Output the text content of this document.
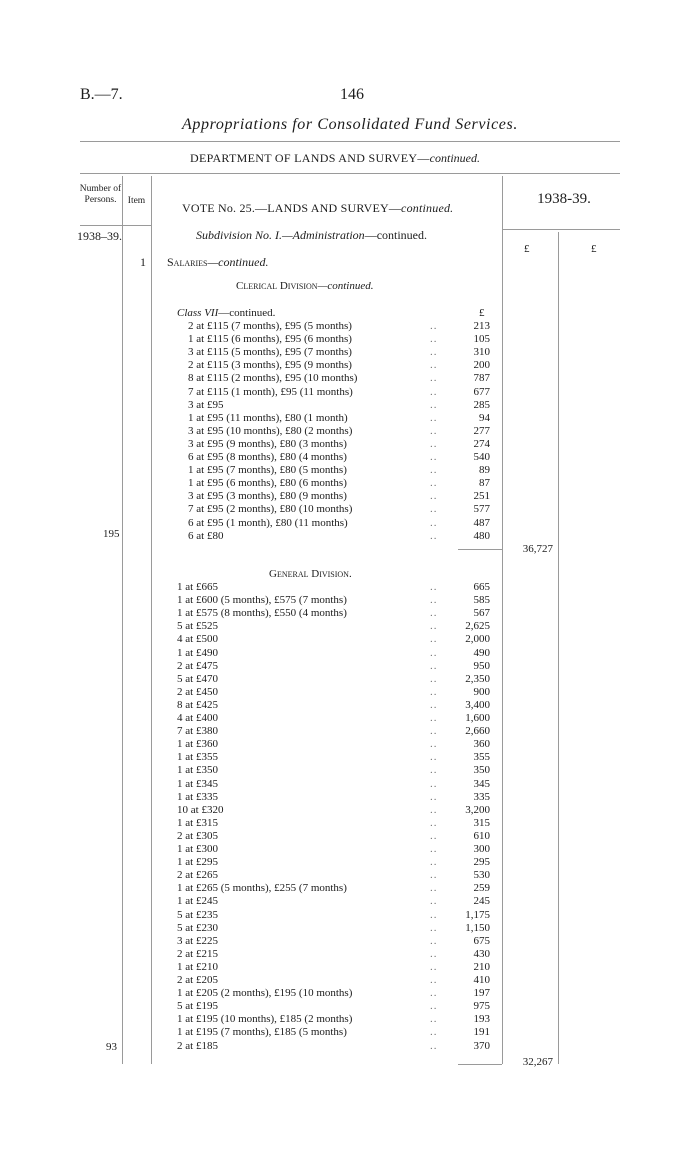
B.—7.	146
Appropriations for Consolidated Fund Services.
DEPARTMENT OF LANDS AND SURVEY—continued.
Number of Persons.	Item	VOTE No. 25.—LANDS AND SURVEY—continued.
1938-39.
1938–39.	Subdivision No. I.—Administration—continued.
£	£
1 Salaries—continued.
Clerical Division—continued.
Class VII—continued.	£
2 at £115 (7 months), £95 (5 months)	..	213
1 at £115 (6 months), £95 (6 months)	..	105
3 at £115 (5 months), £95 (7 months)	..	310
2 at £115 (3 months), £95 (9 months)	..	200
8 at £115 (2 months), £95 (10 months)	..	787
7 at £115 (1 month), £95 (11 months)	..	677
3 at £95	..	285
1 at £95 (11 months), £80 (1 month)	..	94
3 at £95 (10 months), £80 (2 months)	..	277
3 at £95 (9 months), £80 (3 months)	..	274
6 at £95 (8 months), £80 (4 months)	..	540
1 at £95 (7 months), £80 (5 months)	..	89
1 at £95 (6 months), £80 (6 months)	..	87
3 at £95 (3 months), £80 (9 months)	..	251
7 at £95 (2 months), £80 (10 months)	..	577
6 at £95 (1 month), £80 (11 months)	..	487
6 at £80	..	480
195
36,727
General Division.
1 at £665	..	665
1 at £600 (5 months), £575 (7 months)	..	585
1 at £575 (8 months), £550 (4 months)	..	567
5 at £525	..	2,625
4 at £500	..	2,000
1 at £490	..	490
2 at £475	..	950
5 at £470	..	2,350
2 at £450	..	900
8 at £425	..	3,400
4 at £400	..	1,600
7 at £380	..	2,660
1 at £360	..	360
1 at £355	..	355
1 at £350	..	350
1 at £345	..	345
1 at £335	..	335
10 at £320	..	3,200
1 at £315	..	315
2 at £305	..	610
1 at £300	..	300
1 at £295	..	295
2 at £265	..	530
1 at £265 (5 months), £255 (7 months)	..	259
1 at £245	..	245
5 at £235	..	1,175
5 at £230	..	1,150
3 at £225	..	675
2 at £215	..	430
1 at £210	..	210
2 at £205	..	410
1 at £205 (2 months), £195 (10 months)	..	197
5 at £195	..	975
1 at £195 (10 months), £185 (2 months)	..	193
1 at £195 (7 months), £185 (5 months)	..	191
2 at £185	..	370
93
32,267
